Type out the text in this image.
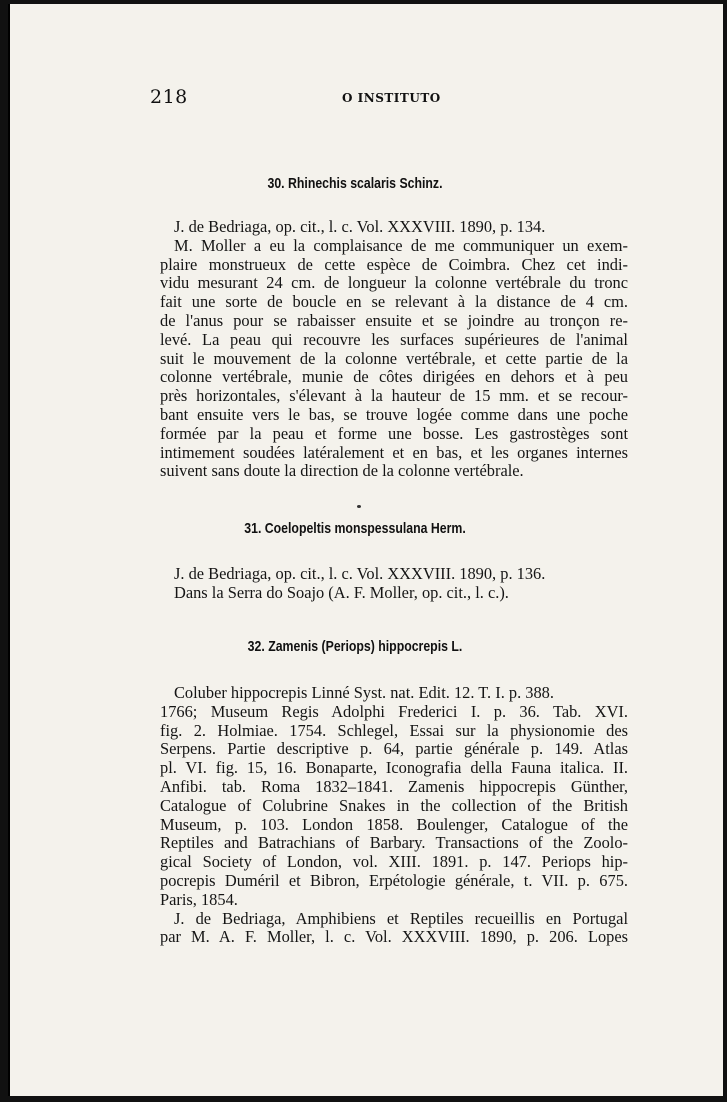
218	O INSTITUTO
30. Rhinechis scalaris Schinz.
J. de Bedriaga, op. cit., l. c. Vol. XXXVIII. 1890, p. 134.
M. Moller a eu la complaisance de me communiquer un exem-
plaire monstrueux de cette espèce de Coimbra. Chez cet indi-
vidu mesurant 24 cm. de longueur la colonne vertébrale du tronc
fait une sorte de boucle en se relevant à la distance de 4 cm.
de l'anus pour se rabaisser ensuite et se joindre au tronçon re-
levé. La peau qui recouvre les surfaces supérieures de l'animal
suit le mouvement de la colonne vertébrale, et cette partie de la
colonne vertébrale, munie de côtes dirigées en dehors et à peu
près horizontales, s'élevant à la hauteur de 15 mm. et se recour-
bant ensuite vers le bas, se trouve logée comme dans une poche
formée par la peau et forme une bosse. Les gastrostèges sont
intimement soudées latéralement et en bas, et les organes internes
suivent sans doute la direction de la colonne vertébrale.
31. Coelopeltis monspessulana Herm.
J. de Bedriaga, op. cit., l. c. Vol. XXXVIII. 1890, p. 136.
Dans la Serra do Soajo (A. F. Moller, op. cit., l. c.).
32. Zamenis (Periops) hippocrepis L.
Coluber hippocrepis Linné Syst. nat. Edit. 12. T. I. p. 388.
1766; Museum Regis Adolphi Frederici I. p. 36. Tab. XVI.
fig. 2. Holmiae. 1754. Schlegel, Essai sur la physionomie des
Serpens. Partie descriptive p. 64, partie générale p. 149. Atlas
pl. VI. fig. 15, 16. Bonaparte, Iconografia della Fauna italica. II.
Anfibi. tab. Roma 1832–1841. Zamenis hippocrepis Günther,
Catalogue of Colubrine Snakes in the collection of the British
Museum, p. 103. London 1858. Boulenger, Catalogue of the
Reptiles and Batrachians of Barbary. Transactions of the Zoolo-
gical Society of London, vol. XIII. 1891. p. 147. Periops hip-
pocrepis Duméril et Bibron, Erpétologie générale, t. VII. p. 675.
Paris, 1854.
J. de Bedriaga, Amphibiens et Reptiles recueillis en Portugal
par M. A. F. Moller, l. c. Vol. XXXVIII. 1890, p. 206. Lopes
